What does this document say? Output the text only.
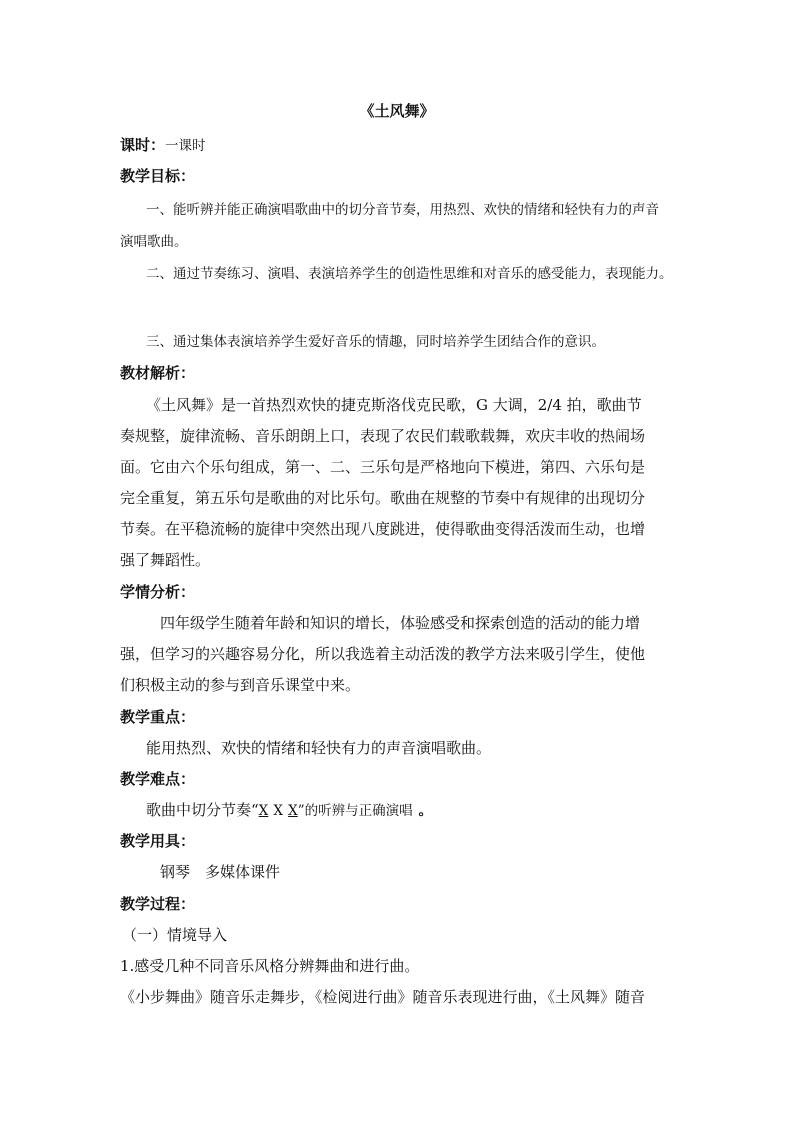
《土风舞》
课时：一课时
教学目标：
一、能听辨并能正确演唱歌曲中的切分音节奏，用热烈、欢快的情绪和轻快有力的声音
演唱歌曲。
二、通过节奏练习、演唱、表演培养学生的创造性思维和对音乐的感受能力，表现能力。
三、通过集体表演培养学生爱好音乐的情趣，同时培养学生团结合作的意识。
教材解析：
《土风舞》是一首热烈欢快的捷克斯洛伐克民歌，G 大调，2/4 拍，歌曲节
奏规整，旋律流畅、音乐朗朗上口，表现了农民们载歌载舞，欢庆丰收的热闹场
面。它由六个乐句组成，第一、二、三乐句是严格地向下模进，第四、六乐句是
完全重复，第五乐句是歌曲的对比乐句。歌曲在规整的节奏中有规律的出现切分
节奏。在平稳流畅的旋律中突然出现八度跳进，使得歌曲变得活泼而生动，也增
强了舞蹈性。
学情分析：
四年级学生随着年龄和知识的增长，体验感受和探索创造的活动的能力增
强，但学习的兴趣容易分化，所以我选着主动活泼的教学方法来吸引学生，使他
们积极主动的参与到音乐课堂中来。
教学重点：
能用热烈、欢快的情绪和轻快有力的声音演唱歌曲。
教学难点：
歌曲中切分节奏“X X X”的听辨与正确演唱 。
教学用具：
钢琴　多媒体课件
教学过程：
（一）情境导入
1.感受几种不同音乐风格分辨舞曲和进行曲。
《小步舞曲》随音乐走舞步，《检阅进行曲》随音乐表现进行曲，《土风舞》随音
